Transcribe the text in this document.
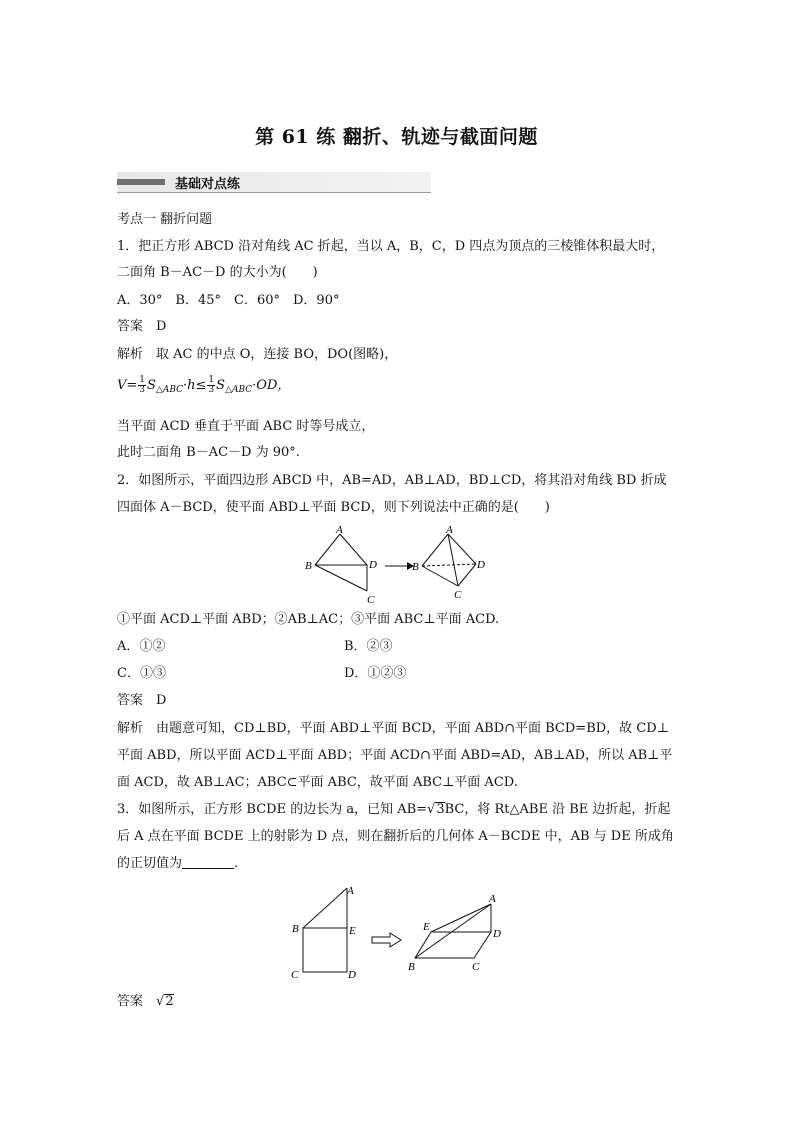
第 61 练 翻折、轨迹与截面问题
基础对点练
考点一 翻折问题
1．把正方形 ABCD 沿对角线 AC 折起，当以 A，B，C，D 四点为顶点的三棱锥体积最大时，
二面角 B－AC－D 的大小为(　　)
A．30°　B．45°　C．60°　D．90°
答案　 D
解析　 取 AC 的中点 O，连接 BO，DO(图略)，
$V= \frac{1}{3} S_{\triangle ABC}\cdot h\le \frac{1}{3} S_{\triangle ABC}\cdot OD$，
当平面 ACD 垂直于平面 ABC 时等号成立，
此时二面角 B－AC－D 为 90°.
2．如图所示，平面四边形 ABCD 中，AB=AD，AB⊥AD，BD⊥CD，将其沿对角线 BD 折成
四面体 A－BCD，使平面 ABD⊥平面 BCD，则下列说法中正确的是(　　)
A
B	D
C
A
B	D
C
①平面 ACD⊥平面 ABD；②AB⊥AC；③平面 ABC⊥平面 ACD.
A．①②	B．②③
C．①③	D．①②③
答案　 D
解析　 由题意可知，CD⊥BD，平面 ABD⊥平面 BCD，平面 ABD∩平面 BCD=BD，故 CD⊥
平面 ABD，所以平面 ACD⊥平面 ABD；平面 ACD∩平面 ABD=AD，AB⊥AD，所以 AB⊥平
面 ACD，故 AB⊥AC；ABC⊂平面 ABC，故平面 ABC⊥平面 ACD.
3．如图所示，正方形 BCDE 的边长为 a，已知 AB=√3BC，将 Rt△ABE 沿 BE 边折起，折起
后 A 点在平面 BCDE 上的射影为 D 点，则在翻折后的几何体 A－BCDE 中，AB 与 DE 所成角
的正切值为	.
A
B	E
C	D
A
E
D
B	C
答案　 √2
